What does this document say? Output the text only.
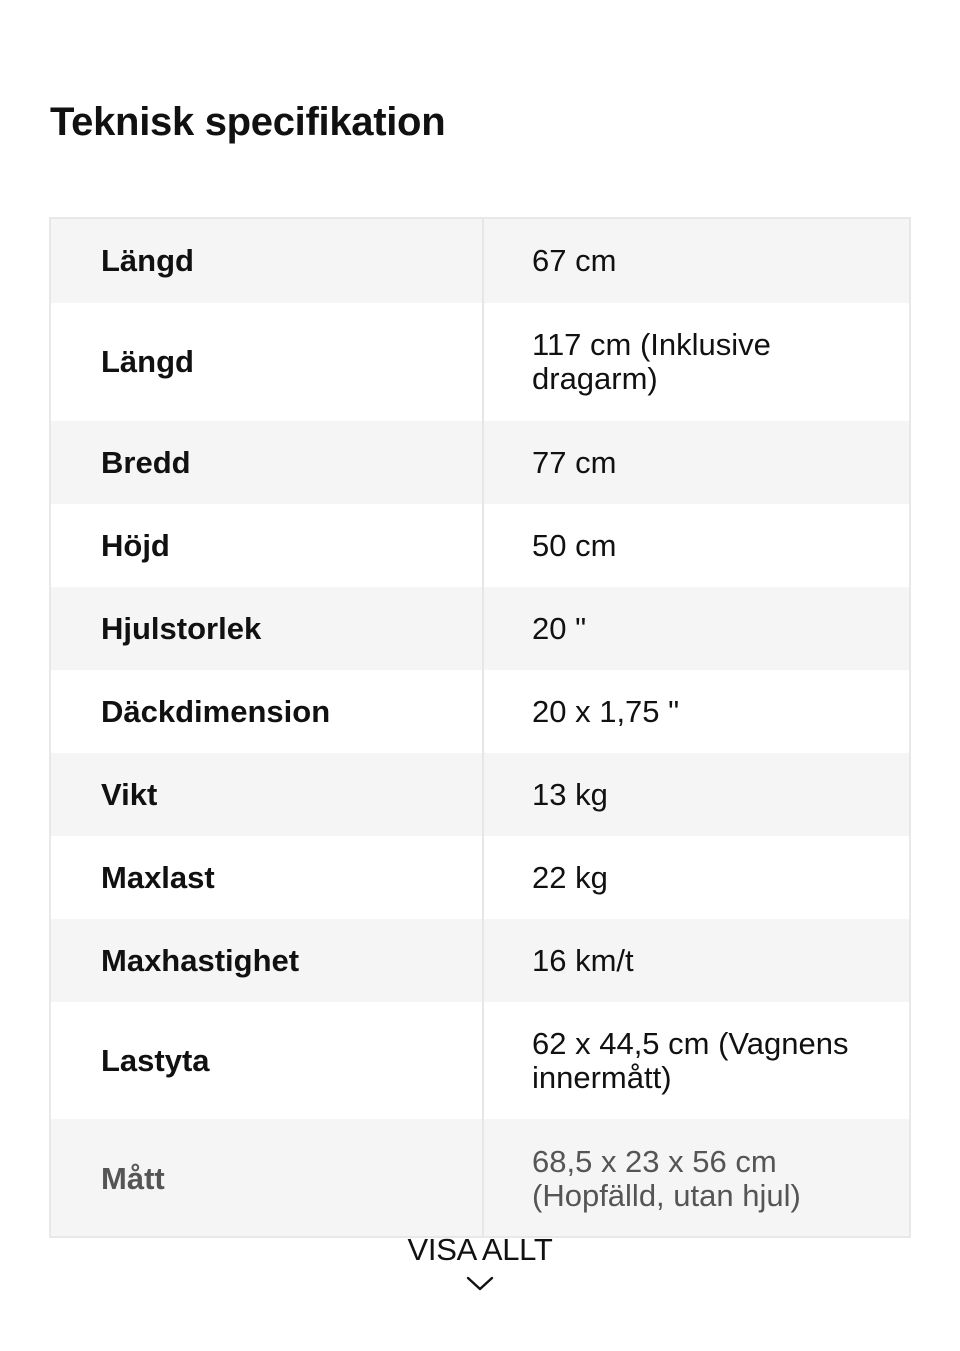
Teknisk specifikation
Längd	67 cm
Längd	117 cm (Inklusive dragarm)
Bredd	77 cm
Höjd	50 cm
Hjulstorlek	20 "
Däckdimension	20 x 1,75 "
Vikt	13 kg
Maxlast	22 kg
Maxhastighet	16 km/t
Lastyta	62 x 44,5 cm (Vagnens innermått)
Mått	68,5 x 23 x 56 cm (Hopfälld, utan hjul)
VISA ALLT
